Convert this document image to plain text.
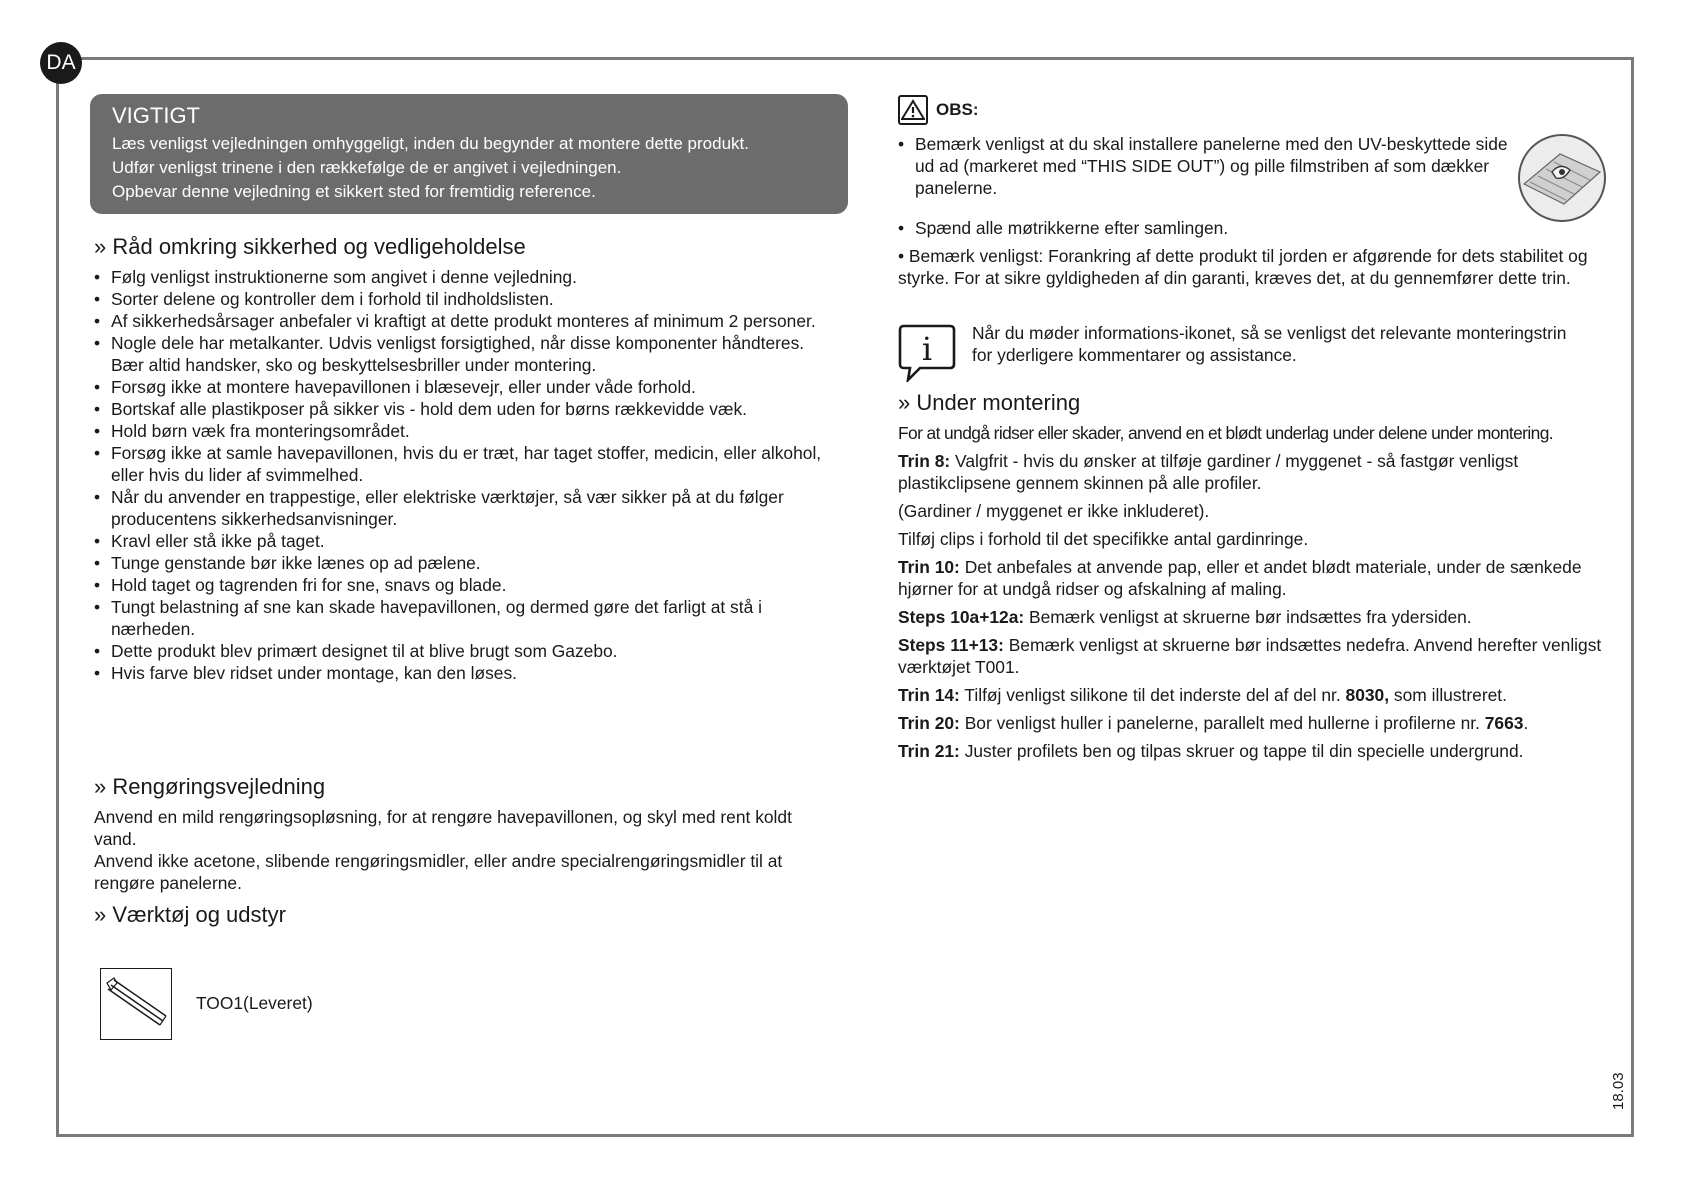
DA
VIGTIGT
Læs venligst vejledningen omhyggeligt, inden du begynder at montere dette produkt.
Udfør venligst trinene i den rækkefølge de er angivet i vejledningen.
Opbevar denne vejledning et sikkert sted for fremtidig reference.
» Råd omkring sikkerhed og vedligeholdelse
• Følg venligst instruktionerne som angivet i denne vejledning.
• Sorter delene og kontroller dem i forhold til indholdslisten.
• Af sikkerhedsårsager anbefaler vi kraftigt at dette produkt monteres af minimum 2 personer.
• Nogle dele har metalkanter. Udvis venligst forsigtighed, når disse komponenter håndteres. Bær altid handsker, sko og beskyttelsesbriller under montering.
• Forsøg ikke at montere havepavillonen i blæsevejr, eller under våde forhold.
• Bortskaf alle plastikposer på sikker vis - hold dem uden for børns rækkevidde væk.
• Hold børn væk fra monteringsområdet.
• Forsøg ikke at samle havepavillonen, hvis du er træt, har taget stoffer, medicin, eller alkohol, eller hvis du lider af svimmelhed.
• Når du anvender en trappestige, eller elektriske værktøjer, så vær sikker på at du følger producentens sikkerhedsanvisninger.
• Kravl eller stå ikke på taget.
• Tunge genstande bør ikke lænes op ad pælene.
• Hold taget og tagrenden fri for sne, snavs og blade.
• Tungt belastning af sne kan skade havepavillonen, og dermed gøre det farligt at stå i nærheden.
• Dette produkt blev primært designet til at blive brugt som Gazebo.
• Hvis farve blev ridset under montage, kan den løses.
» Rengøringsvejledning

Anvend en mild rengøringsopløsning, for at rengøre havepavillonen, og skyl med rent koldt vand.

Anvend ikke acetone, slibende rengøringsmidler, eller andre specialrengøringsmidler til at rengøre panelerne.

» Værktøj og udstyr
TOO1(Leveret)
OBS:
• Bemærk venligst at du skal installere panelerne med den UV-beskyttede side ud ad (markeret med “THIS SIDE OUT”) og pille filmstriben af som dækker panelerne.
• Spænd alle møtrikkerne efter samlingen.

• Bemærk venligst: Forankring af dette produkt til jorden er afgørende for dets stabilitet og styrke. For at sikre gyldigheden af din garanti, kræves det, at du gennemfører dette trin.

i Når du møder informations-ikonet, så se venligst det relevante monteringstrin for yderligere kommentarer og assistance.
» Under montering

For at undgå ridser eller skader, anvend en et blødt underlag under delene under montering.

Trin 8: Valgfrit - hvis du ønsker at tilføje gardiner / myggenet - så fastgør venligst plastikclipsene gennem skinnen på alle profiler.

(Gardiner / myggenet er ikke inkluderet).

Tilføj clips i forhold til det specifikke antal gardinringe.

Trin 10: Det anbefales at anvende pap, eller et andet blødt materiale, under de sænkede hjørner for at undgå ridser og afskalning af maling.

Steps 10a+12a: Bemærk venligst at skruerne bør indsættes fra ydersiden.

Steps 11+13: Bemærk venligst at skruerne bør indsættes nedefra. Anvend herefter venligst værktøjet T001.

Trin 14: Tilføj venligst silikone til det inderste del af del nr. 8030, som illustreret.

Trin 20: Bor venligst huller i panelerne, parallelt med hullerne i profilerne nr. 7663.

Trin 21: Juster profilets ben og tilpas skruer og tappe til din specielle undergrund.

18.03
